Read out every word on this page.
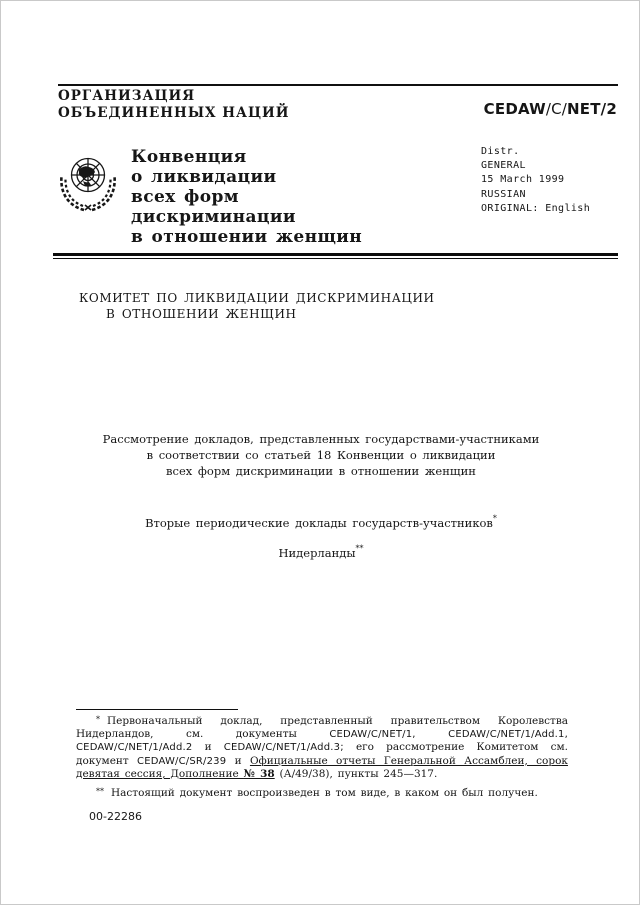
ОРГАНИЗАЦИЯ
ОБЪЕДИНЕННЫХ НАЦИЙ	CEDAW/C/NET/2
Конвенция
о ликвидации
всех форм
дискриминации
в отношении женщин
Distr.
GENERAL
15 March 1999
RUSSIAN
ORIGINAL: English
КОМИТЕТ ПО ЛИКВИДАЦИИ ДИСКРИМИНАЦИИ
В ОТНОШЕНИИ ЖЕНЩИН
Рассмотрение докладов, представленных государствами-участниками
в соответствии со статьей 18 Конвенции о ликвидации
всех форм дискриминации в отношении женщин
Вторые периодические доклады государств-участников*
Нидерланды**
* Первоначальный доклад, представленный правительством Королевства Нидерландов, см. документы CEDAW/C/NET/1, CEDAW/C/NET/1/Add.1, CEDAW/C/NET/1/Add.2 и CEDAW/C/NET/1/Add.3; его рассмотрение Комитетом см. документ CEDAW/C/SR/239 и Официальные отчеты Генеральной Ассамблеи, сорок девятая сессия, Дополнение № 38 (А/49/38), пункты 245—317.
** Настоящий документ воспроизведен в том виде, в каком он был получен.
00-22286
